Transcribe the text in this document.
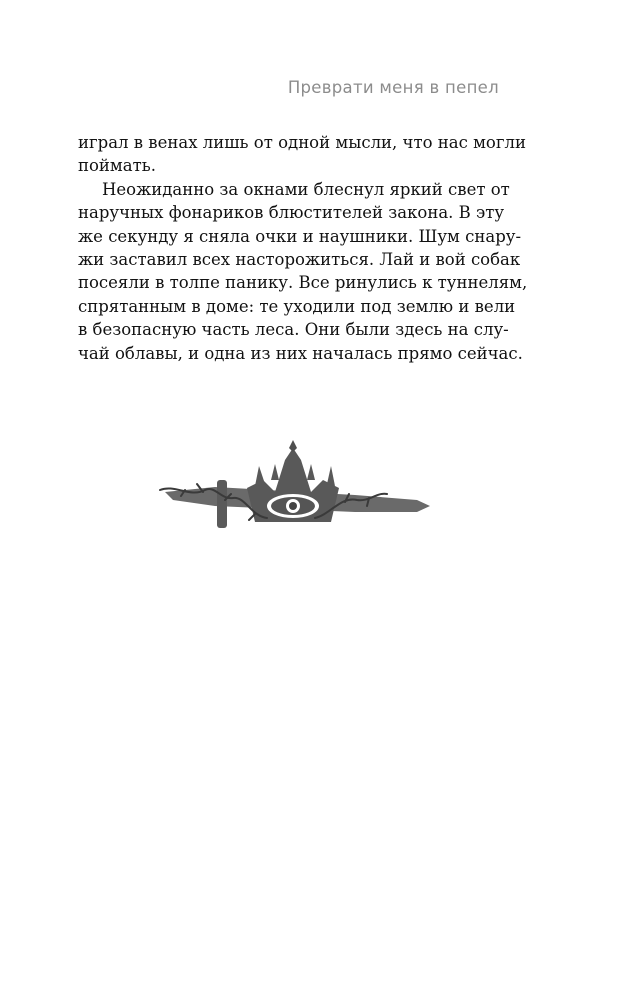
Преврати меня в пепел
играл в венах лишь от одной мысли, что нас могли
поймать.
Неожиданно за окнами блеснул яркий свет от
наручных фонариков блюстителей закона. В эту
же секунду я сняла очки и наушники. Шум снару-
жи заставил всех насторожиться. Лай и вой собак
посеяли в толпе панику. Все ринулись к туннелям,
спрятанным в доме: те уходили под землю и вели
в безопасную часть леса. Они были здесь на слу-
чай облавы, и одна из них началась прямо сейчас.
